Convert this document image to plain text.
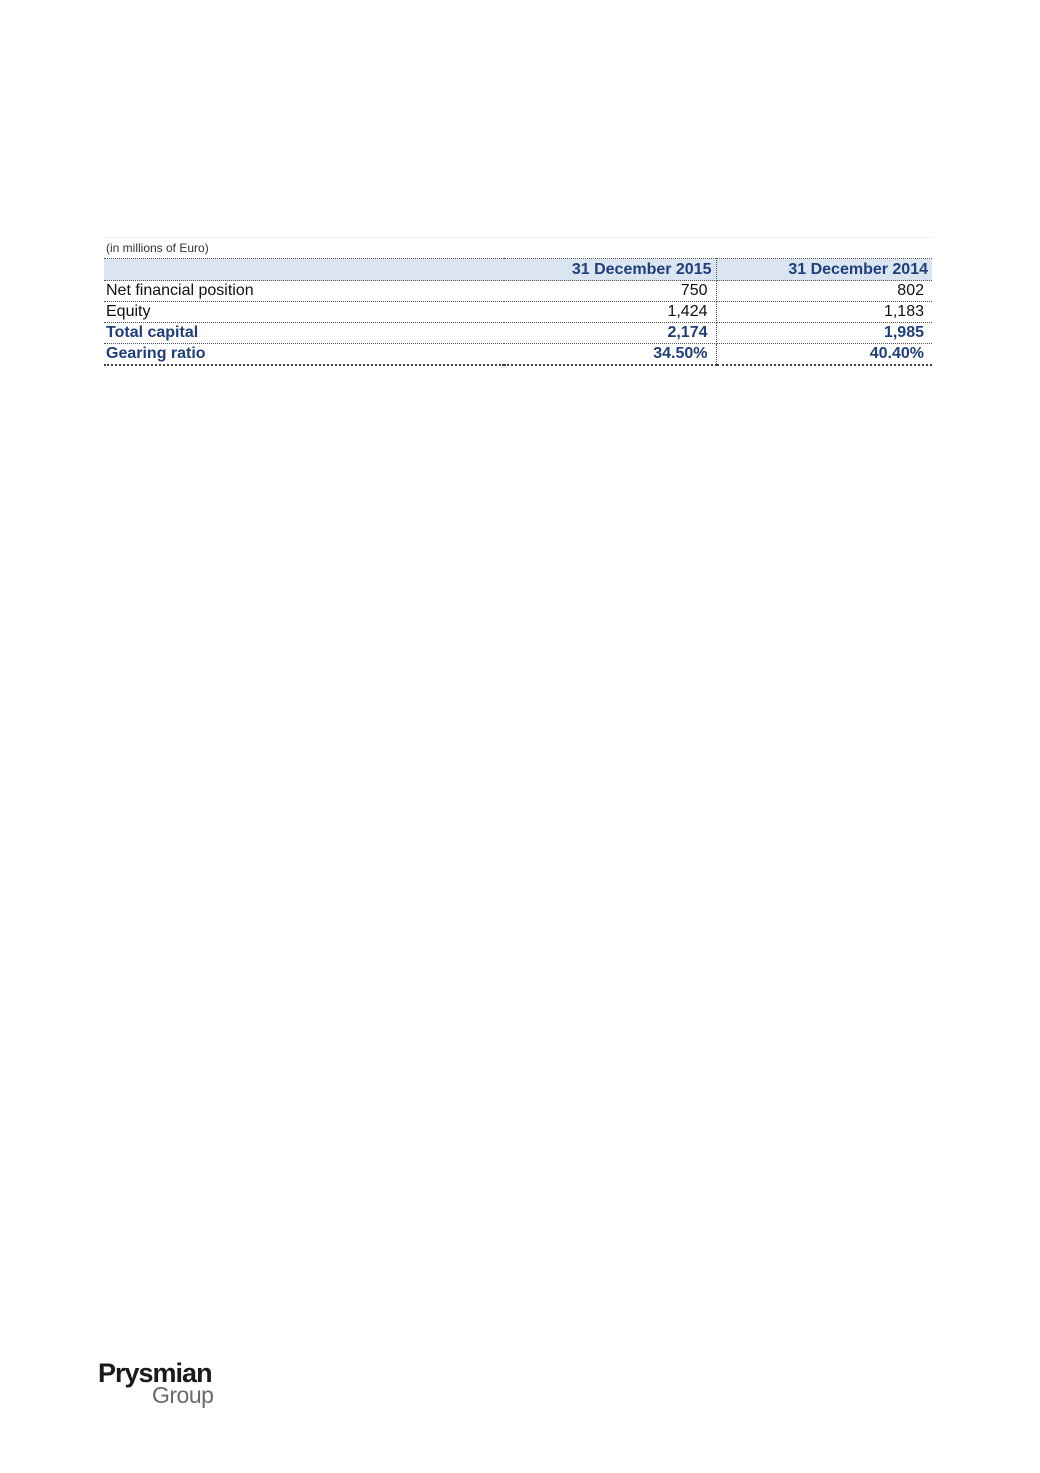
(in millions of Euro)
	31 December 2015	31 December 2014
Net financial position	750	802
Equity	1,424	1,183
Total capital	2,174	1,985
Gearing ratio	34.50%	40.40%
Prysmian
Group
